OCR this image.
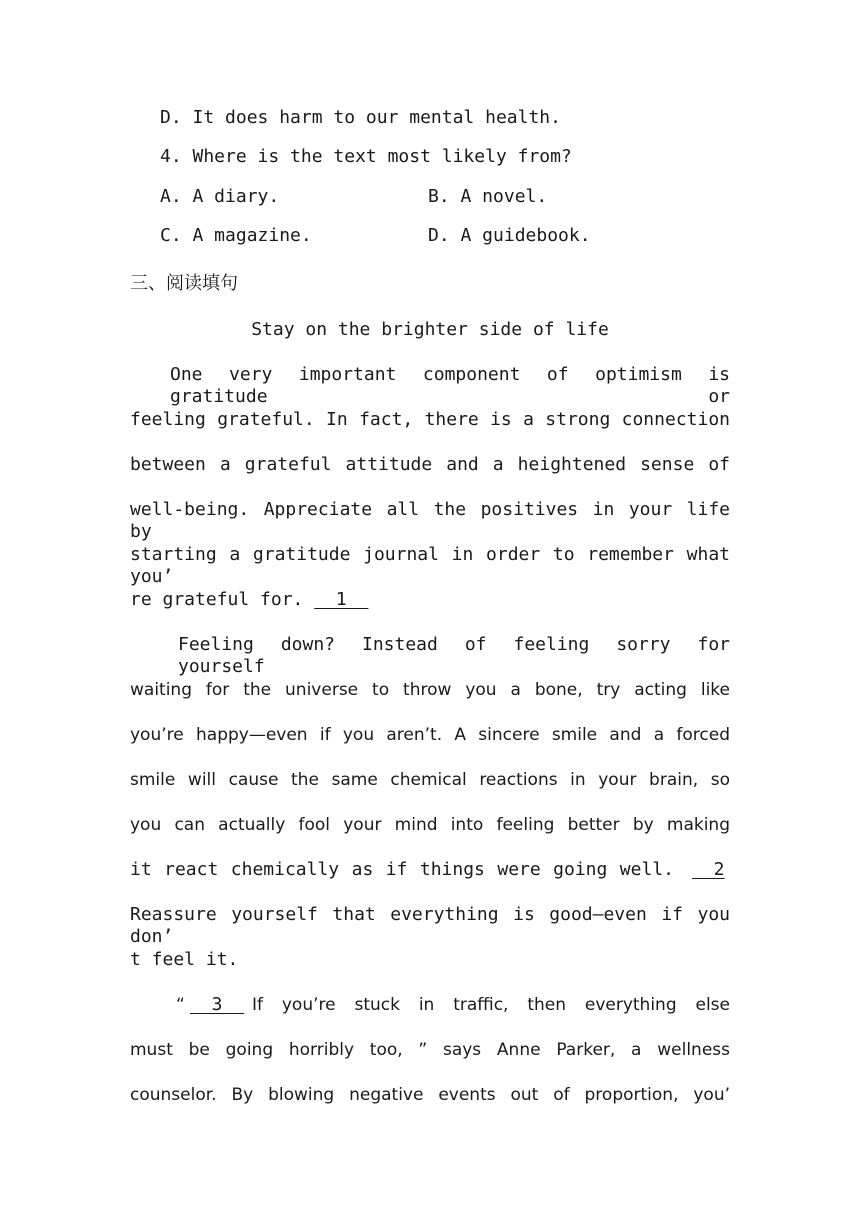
D. It does harm to our mental health.
4. Where is the text most likely from?
A. A diary.	B. A novel.
C. A magazine.	D. A guidebook.
三、阅读填句
Stay on the brighter side of life
One very important component of optimism is gratitude or
feeling grateful. In fact, there is a strong connection
between a grateful attitude and a heightened sense of
well-being. Appreciate all the positives in your life by
starting a gratitude journal in order to remember what you’
re grateful for.   1
Feeling down? Instead of feeling sorry for yourself
waiting for the universe to throw you a bone, try acting like
you’re happy—even if you aren’t. A sincere smile and a forced
smile will cause the same chemical reactions in your brain, so
you can actually fool your mind into feeling better by making
it react chemically as if things were going well. 2
Reassure yourself that everything is good—even if you don’
t feel it.
“ 3 If you’re stuck in traffic, then everything else
must be going horribly too, ” says Anne Parker, a wellness
counselor. By blowing negative events out of proportion, you’
